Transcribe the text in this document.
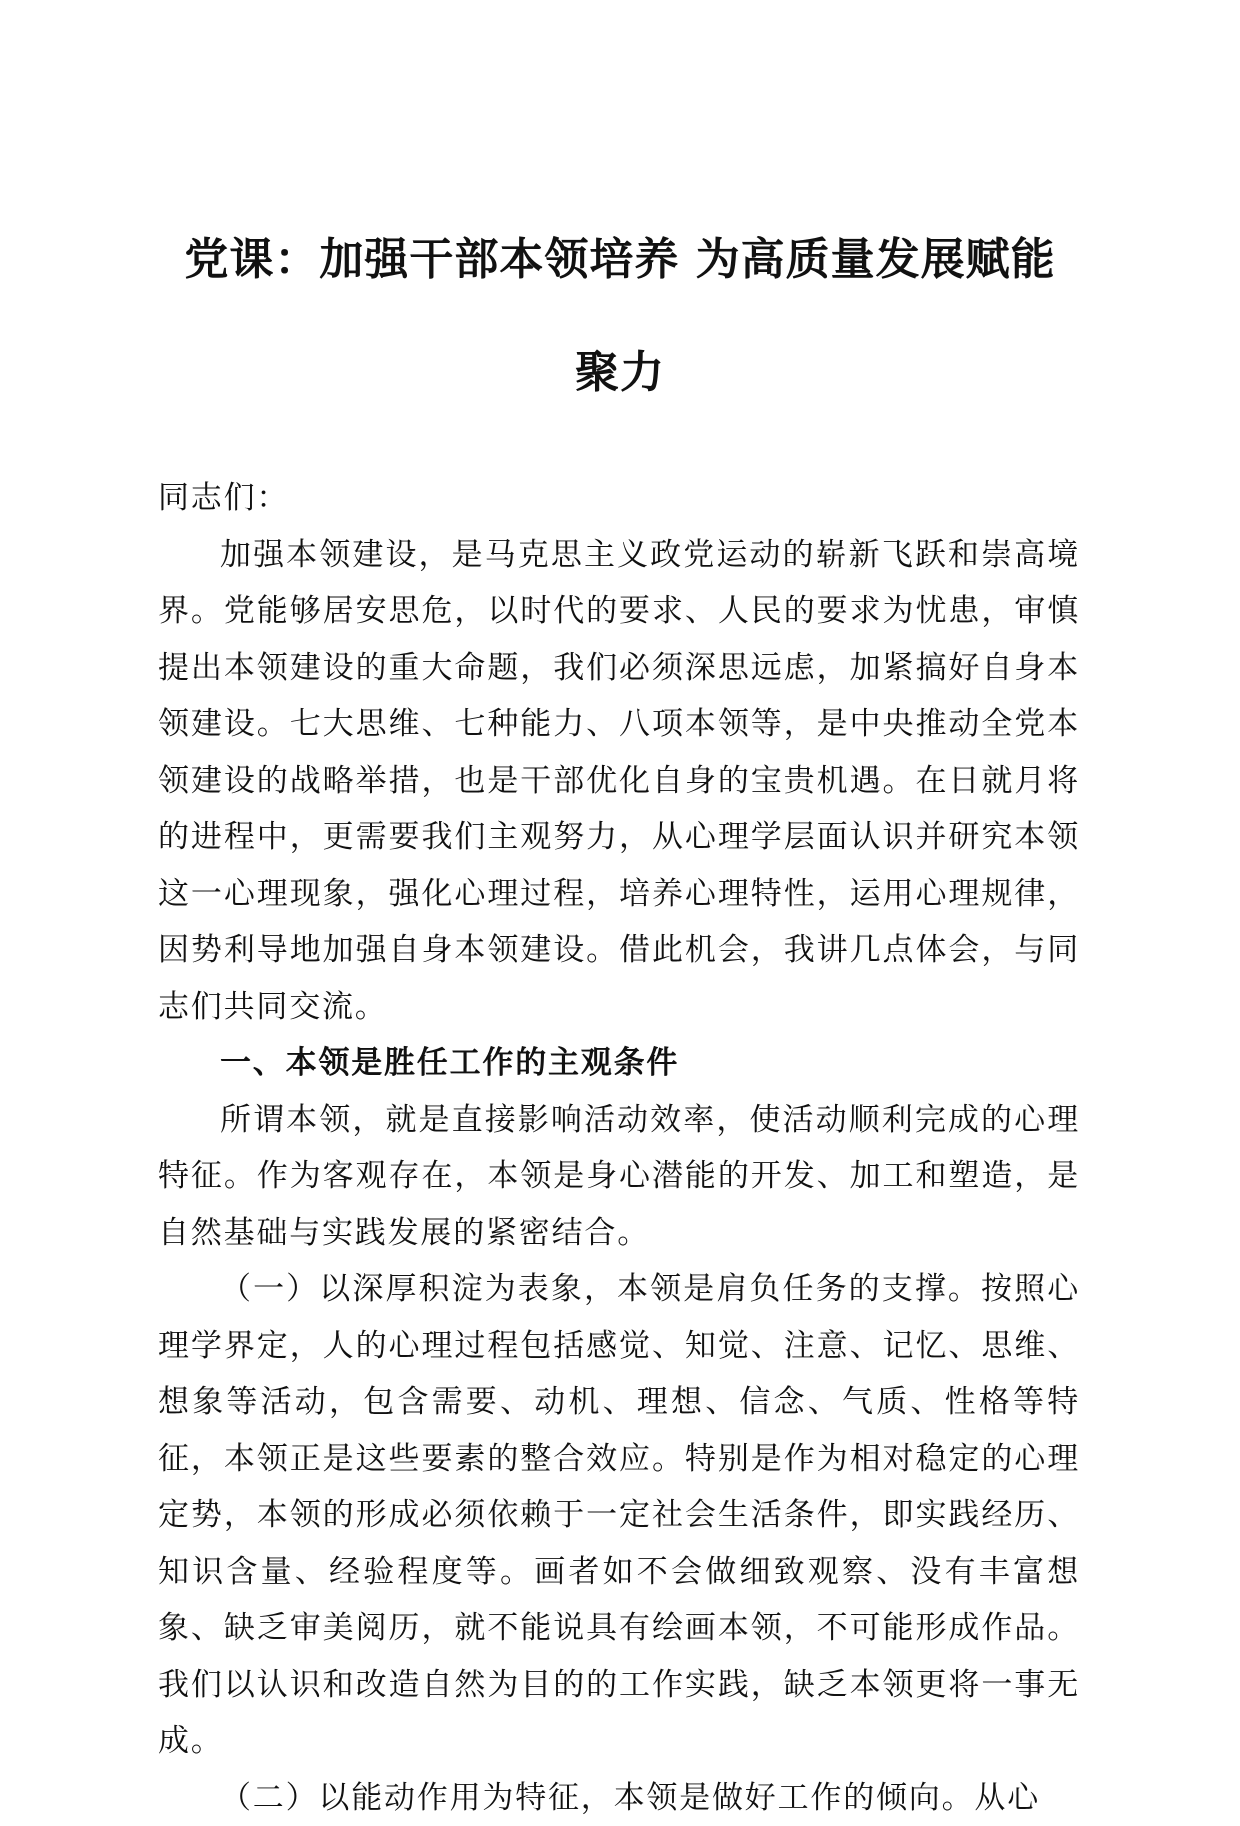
党课：加强干部本领培养 为高质量发展赋能
聚力

同志们：

加强本领建设，是马克思主义政党运动的崭新飞跃和崇高境界。党能够居安思危，以时代的要求、人民的要求为忧患，审慎提出本领建设的重大命题，我们必须深思远虑，加紧搞好自身本领建设。七大思维、七种能力、八项本领等，是中央推动全党本领建设的战略举措，也是干部优化自身的宝贵机遇。在日就月将的进程中，更需要我们主观努力，从心理学层面认识并研究本领这一心理现象，强化心理过程，培养心理特性，运用心理规律，因势利导地加强自身本领建设。借此机会，我讲几点体会，与同志们共同交流。

一、本领是胜任工作的主观条件

所谓本领，就是直接影响活动效率，使活动顺利完成的心理特征。作为客观存在，本领是身心潜能的开发、加工和塑造，是自然基础与实践发展的紧密结合。

（一）以深厚积淀为表象，本领是肩负任务的支撑。按照心理学界定，人的心理过程包括感觉、知觉、注意、记忆、思维、想象等活动，包含需要、动机、理想、信念、气质、性格等特征，本领正是这些要素的整合效应。特别是作为相对稳定的心理定势，本领的形成必须依赖于一定社会生活条件，即实践经历、知识含量、经验程度等。画者如不会做细致观察、没有丰富想象、缺乏审美阅历，就不能说具有绘画本领，不可能形成作品。我们以认识和改造自然为目的的工作实践，缺乏本领更将一事无成。

（二）以能动作用为特征，本领是做好工作的倾向。从心
